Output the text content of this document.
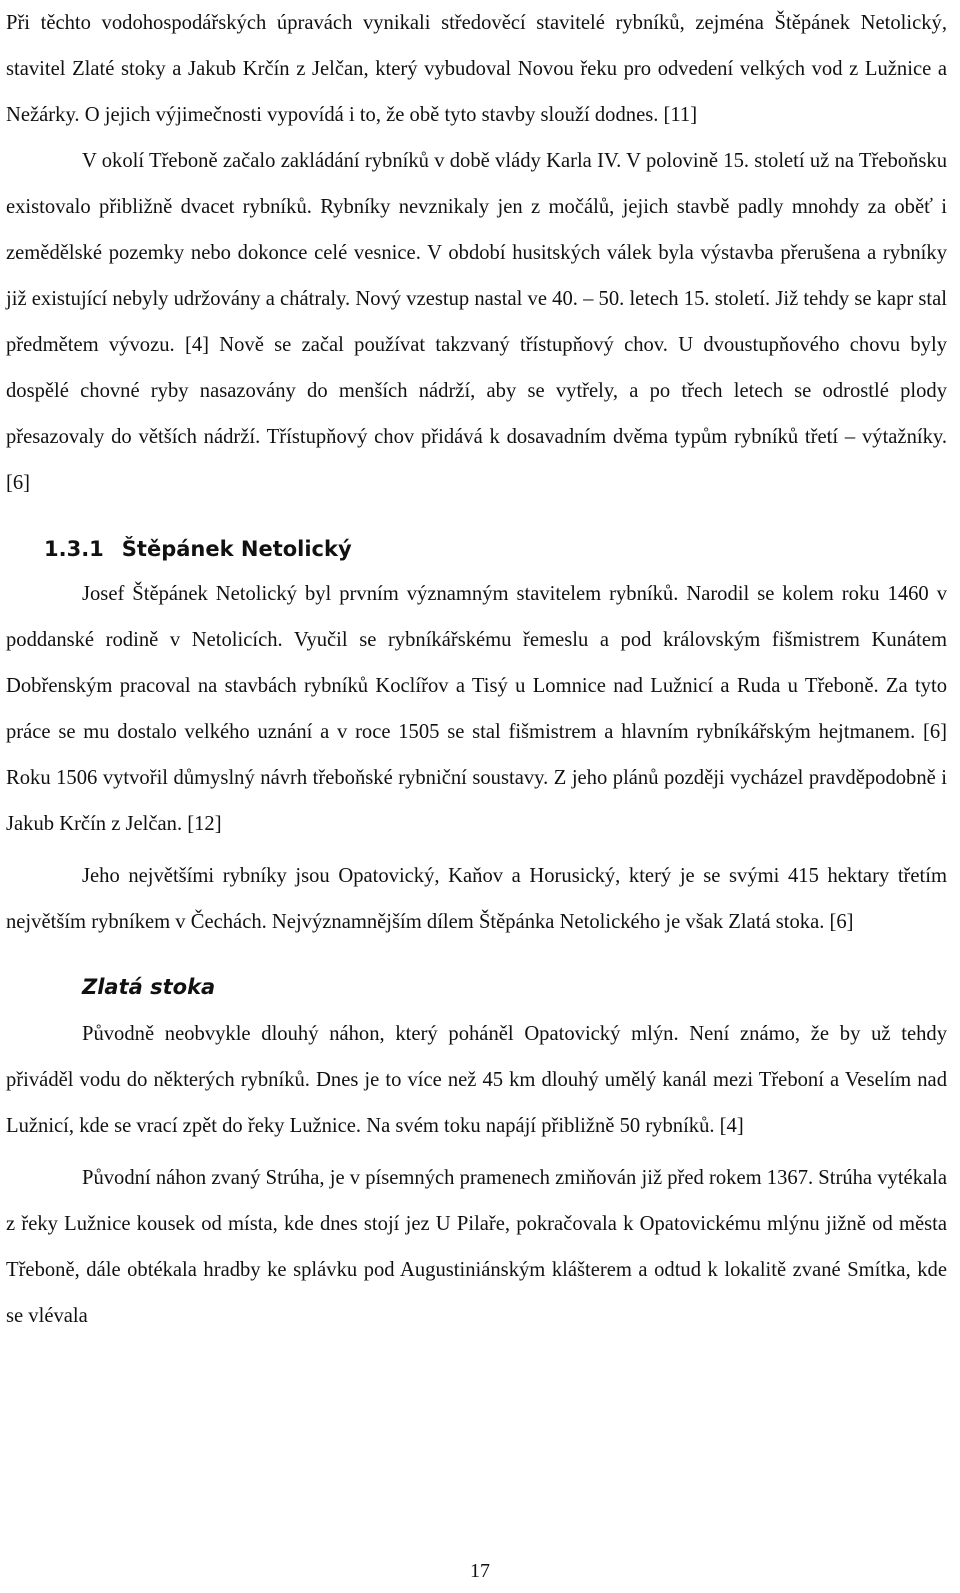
Při těchto vodohospodářských úpravách vynikali středověcí stavitelé rybníků, zejména Štěpánek Netolický, stavitel Zlaté stoky a Jakub Krčín z Jelčan, který vybudoval Novou řeku pro odvedení velkých vod z Lužnice a Nežárky. O jejich výjimečnosti vypovídá i to, že obě tyto stavby slouží dodnes. [11]

V okolí Třeboně začalo zakládání rybníků v době vlády Karla IV. V polovině 15. století už na Třeboňsku existovalo přibližně dvacet rybníků. Rybníky nevznikaly jen z močálů, jejich stavbě padly mnohdy za oběť i zemědělské pozemky nebo dokonce celé vesnice. V období husitských válek byla výstavba přerušena a rybníky již existující nebyly udržovány a chátraly. Nový vzestup nastal ve 40. – 50. letech 15. století. Již tehdy se kapr stal předmětem vývozu. [4] Nově se začal používat takzvaný třístupňový chov. U dvoustupňového chovu byly dospělé chovné ryby nasazovány do menších nádrží, aby se vytřely, a po třech letech se odrostlé plody přesazovaly do větších nádrží. Třístupňový chov přidává k dosavadním dvěma typům rybníků třetí – výtažníky. [6]

1.3.1 Štěpánek Netolický

Josef Štěpánek Netolický byl prvním významným stavitelem rybníků. Narodil se kolem roku 1460 v poddanské rodině v Netolicích. Vyučil se rybníkářskému řemeslu a pod královským fišmistrem Kunátem Dobřenským pracoval na stavbách rybníků Koclířov a Tisý u Lomnice nad Lužnicí a Ruda u Třeboně. Za tyto práce se mu dostalo velkého uznání a v roce 1505 se stal fišmistrem a hlavním rybníkářským hejtmanem. [6] Roku 1506 vytvořil důmyslný návrh třeboňské rybniční soustavy. Z jeho plánů později vycházel pravděpodobně i Jakub Krčín z Jelčan. [12]

Jeho největšími rybníky jsou Opatovický, Kaňov a Horusický, který je se svými 415 hektary třetím největším rybníkem v Čechách. Nejvýznamnějším dílem Štěpánka Netolického je však Zlatá stoka. [6]

Zlatá stoka

Původně neobvykle dlouhý náhon, který poháněl Opatovický mlýn. Není známo, že by už tehdy přiváděl vodu do některých rybníků. Dnes je to více než 45 km dlouhý umělý kanál mezi Třeboní a Veselím nad Lužnicí, kde se vrací zpět do řeky Lužnice. Na svém toku napájí přibližně 50 rybníků. [4]

Původní náhon zvaný Strúha, je v písemných pramenech zmiňován již před rokem 1367. Strúha vytékala z řeky Lužnice kousek od místa, kde dnes stojí jez U Pilaře, pokračovala k Opatovickému mlýnu jižně od města Třeboně, dále obtékala hradby ke splávku pod Augustiniánským klášterem a odtud k lokalitě zvané Smítka, kde se vlévala

17
